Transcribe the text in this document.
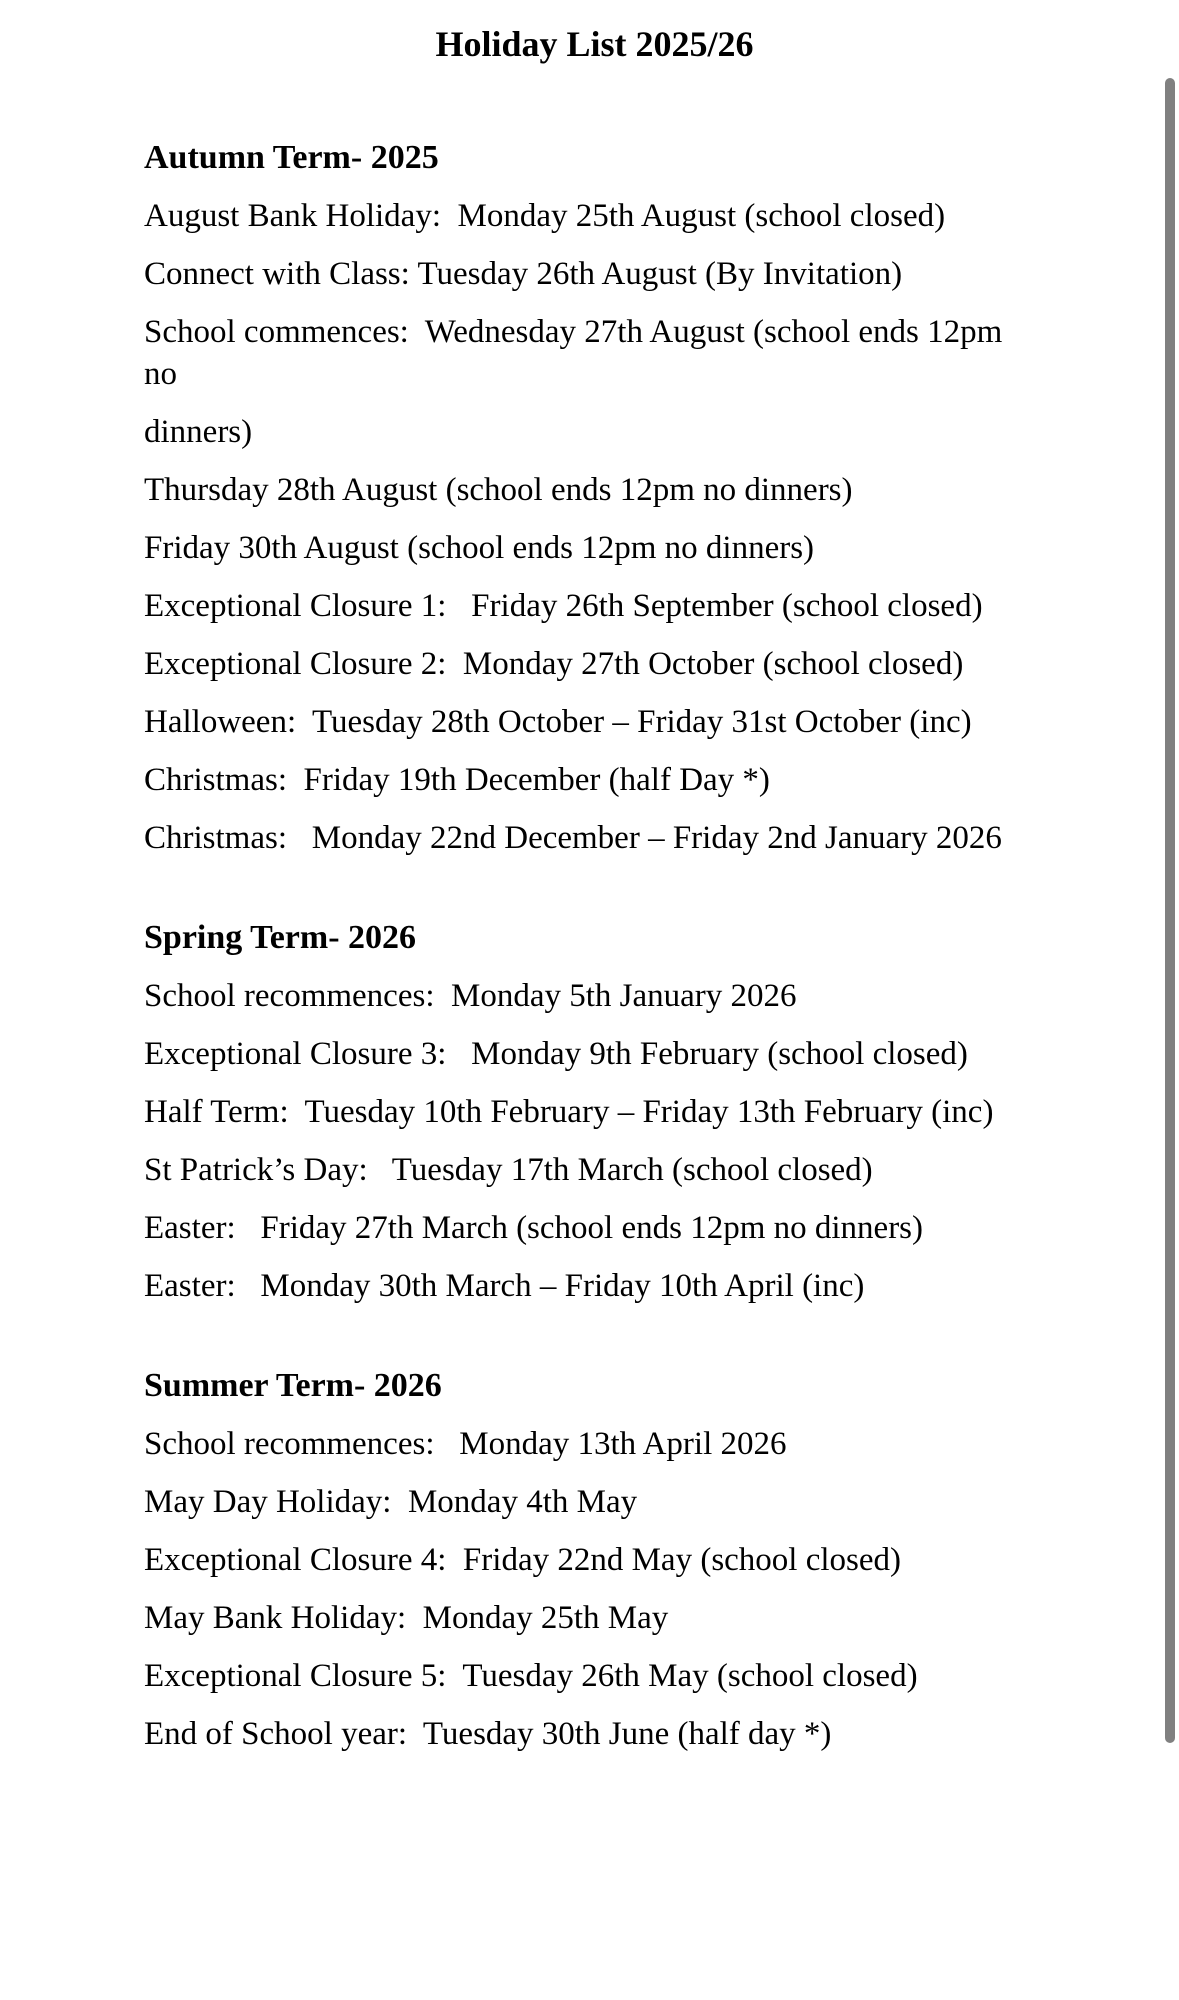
Holiday List 2025/26
Autumn Term- 2025
August Bank Holiday:  Monday 25th August (school closed)
Connect with Class: Tuesday 26th August (By Invitation)
School commences:  Wednesday 27th August (school ends 12pm no
dinners)
Thursday 28th August (school ends 12pm no dinners)
Friday 30th August (school ends 12pm no dinners)
Exceptional Closure 1:   Friday 26th September (school closed)
Exceptional Closure 2:  Monday 27th October (school closed)
Halloween:  Tuesday 28th October – Friday 31st October (inc)
Christmas:  Friday 19th December (half Day *)
Christmas:   Monday 22nd December – Friday 2nd January 2026
Spring Term- 2026
School recommences:  Monday 5th January 2026
Exceptional Closure 3:   Monday 9th February (school closed)
Half Term:  Tuesday 10th February – Friday 13th February (inc)
St Patrick’s Day:   Tuesday 17th March (school closed)
Easter:   Friday 27th March (school ends 12pm no dinners)
Easter:   Monday 30th March – Friday 10th April (inc)
Summer Term- 2026
School recommences:   Monday 13th April 2026
May Day Holiday:  Monday 4th May
Exceptional Closure 4:  Friday 22nd May (school closed)
May Bank Holiday:  Monday 25th May
Exceptional Closure 5:  Tuesday 26th May (school closed)
End of School year:  Tuesday 30th June (half day *)
